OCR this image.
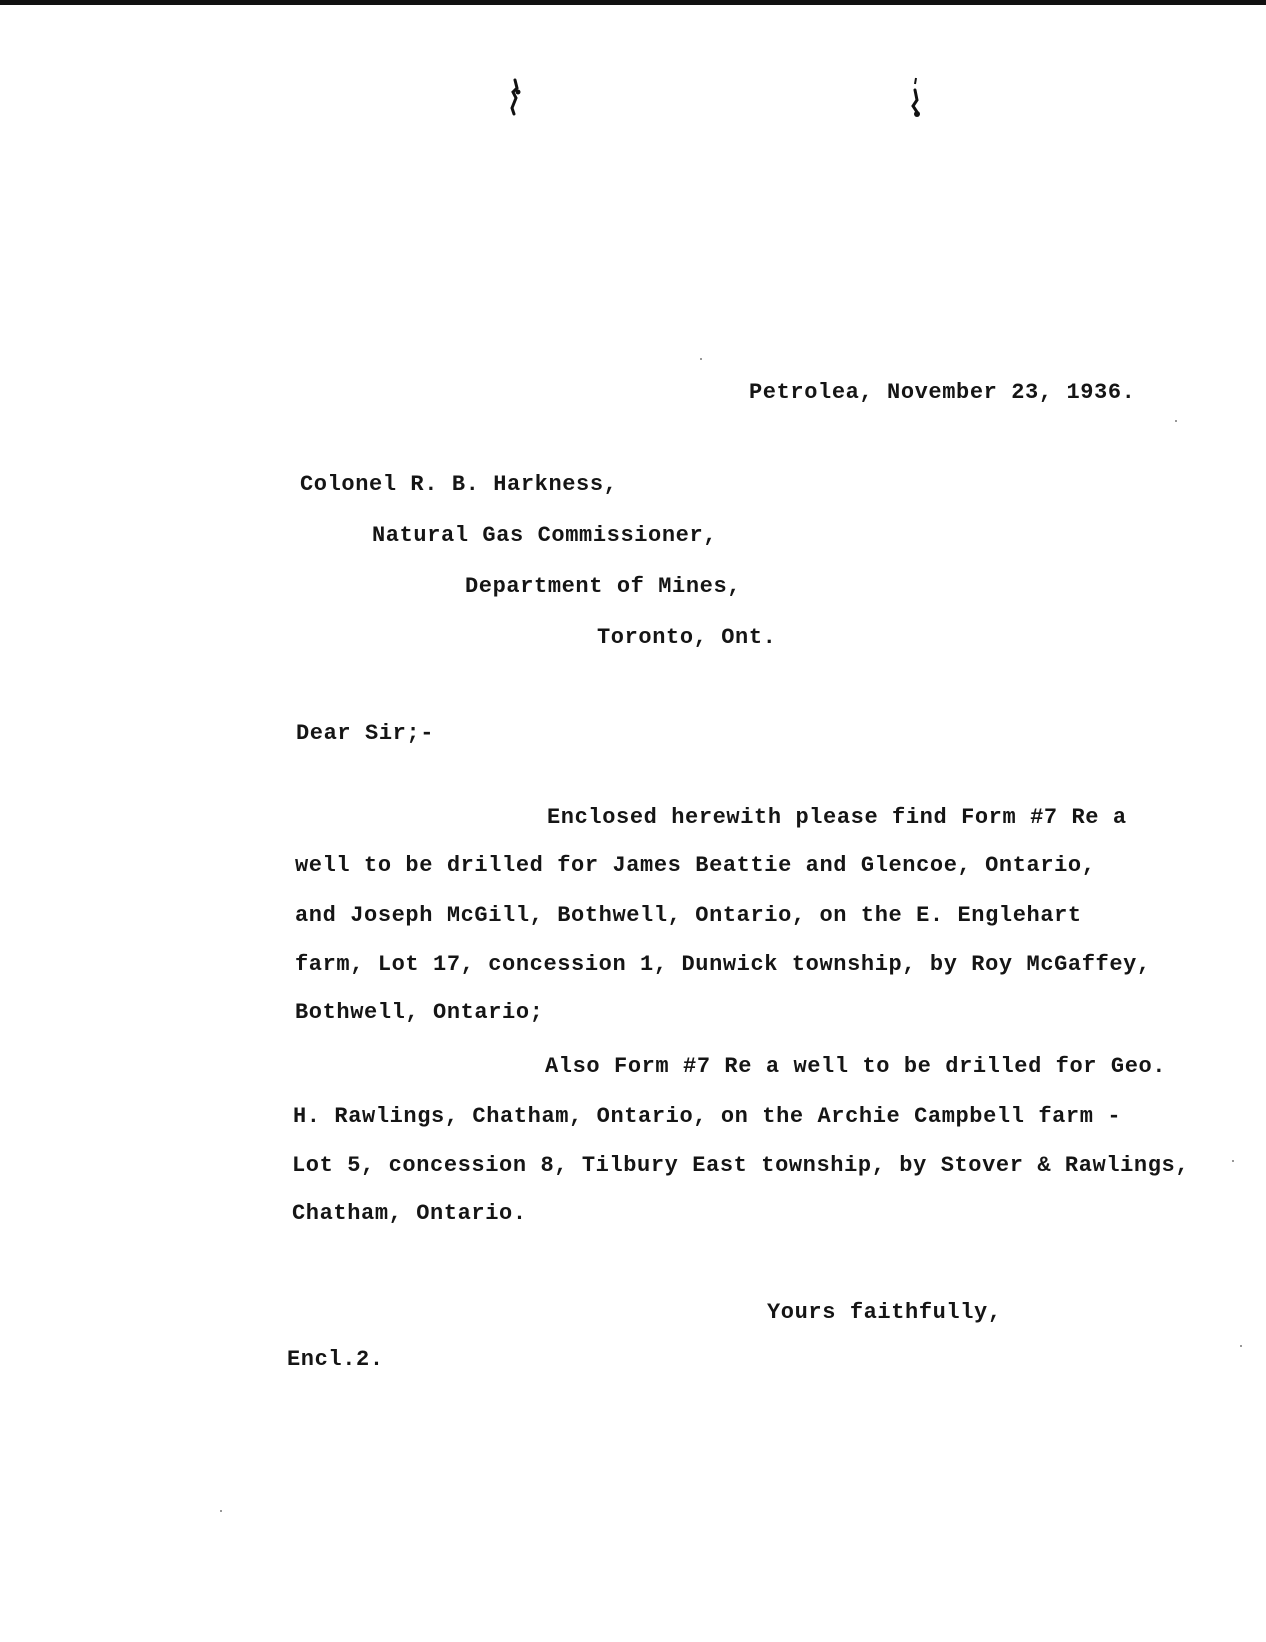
Petrolea, November 23, 1936.
Colonel R. B. Harkness,
Natural Gas Commissioner,
Department of Mines,
Toronto, Ont.
Dear Sir;-
Enclosed herewith please find Form #7 Re a
well to be drilled for James Beattie and Glencoe, Ontario,
and Joseph McGill, Bothwell, Ontario, on the E. Englehart
farm, Lot 17, concession 1, Dunwick township, by Roy McGaffey,
Bothwell, Ontario;
Also Form #7 Re a well to be drilled for Geo.
H. Rawlings, Chatham, Ontario, on the Archie Campbell farm -
Lot 5, concession 8, Tilbury East township, by Stover & Rawlings,
Chatham, Ontario.
Yours faithfully,
Encl.2.
